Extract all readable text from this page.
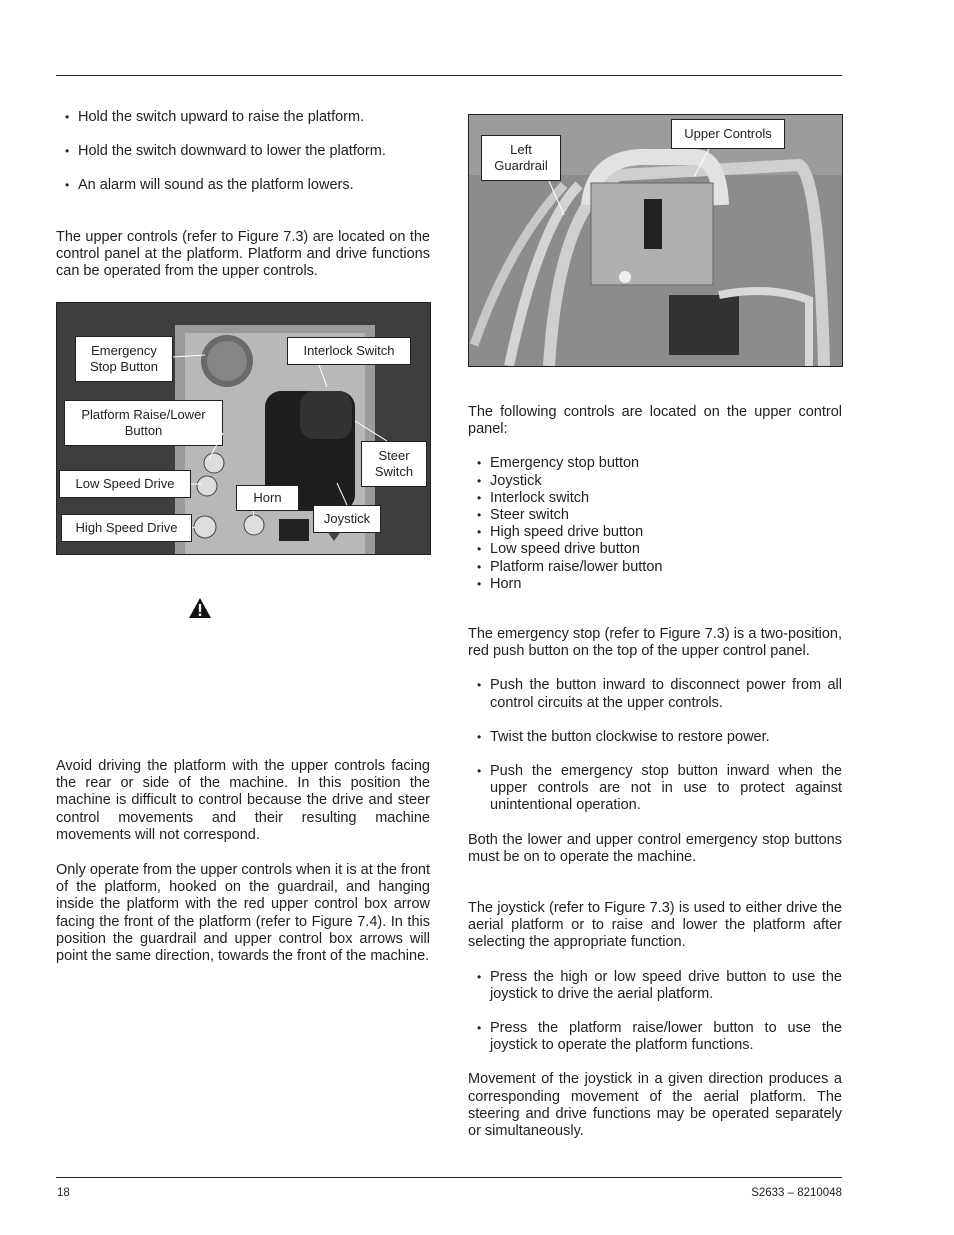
• Hold the switch upward to raise the platform.
• Hold the switch downward to lower the platform.
• An alarm will sound as the platform lowers.

The upper controls (refer to Figure 7.3) are located on the control panel at the platform. Platform and drive functions can be operated from the upper controls.

Emergency Stop Button
Interlock Switch
Platform Raise/Lower Button
Steer Switch
Low Speed Drive
Horn
Joystick
High Speed Drive

Avoid driving the platform with the upper controls facing the rear or side of the machine. In this position the machine is difficult to control because the drive and steer control movements and their resulting machine movements will not correspond.

Only operate from the upper controls when it is at the front of the platform, hooked on the guardrail, and hanging inside the platform with the red upper control box arrow facing the front of the platform (refer to Figure 7.4). In this position the guardrail and upper control box arrows will point the same direction, towards the front of the machine.

Upper Controls
Left Guardrail

The following controls are located on the upper control panel:

• Emergency stop button
• Joystick
• Interlock switch
• Steer switch
• High speed drive button
• Low speed drive button
• Platform raise/lower button
• Horn

The emergency stop (refer to Figure 7.3) is a two-position, red push button on the top of the upper control panel.

• Push the button inward to disconnect power from all control circuits at the upper controls.
• Twist the button clockwise to restore power.
• Push the emergency stop button inward when the upper controls are not in use to protect against unintentional operation.

Both the lower and upper control emergency stop buttons must be on to operate the machine.

The joystick (refer to Figure 7.3) is used to either drive the aerial platform or to raise and lower the platform after selecting the appropriate function.

• Press the high or low speed drive button to use the joystick to drive the aerial platform.
• Press the platform raise/lower button to use the joystick to operate the platform functions.

Movement of the joystick in a given direction produces a corresponding movement of the aerial platform. The steering and drive functions may be operated separately or simultaneously.

18	S2633 – 8210048
